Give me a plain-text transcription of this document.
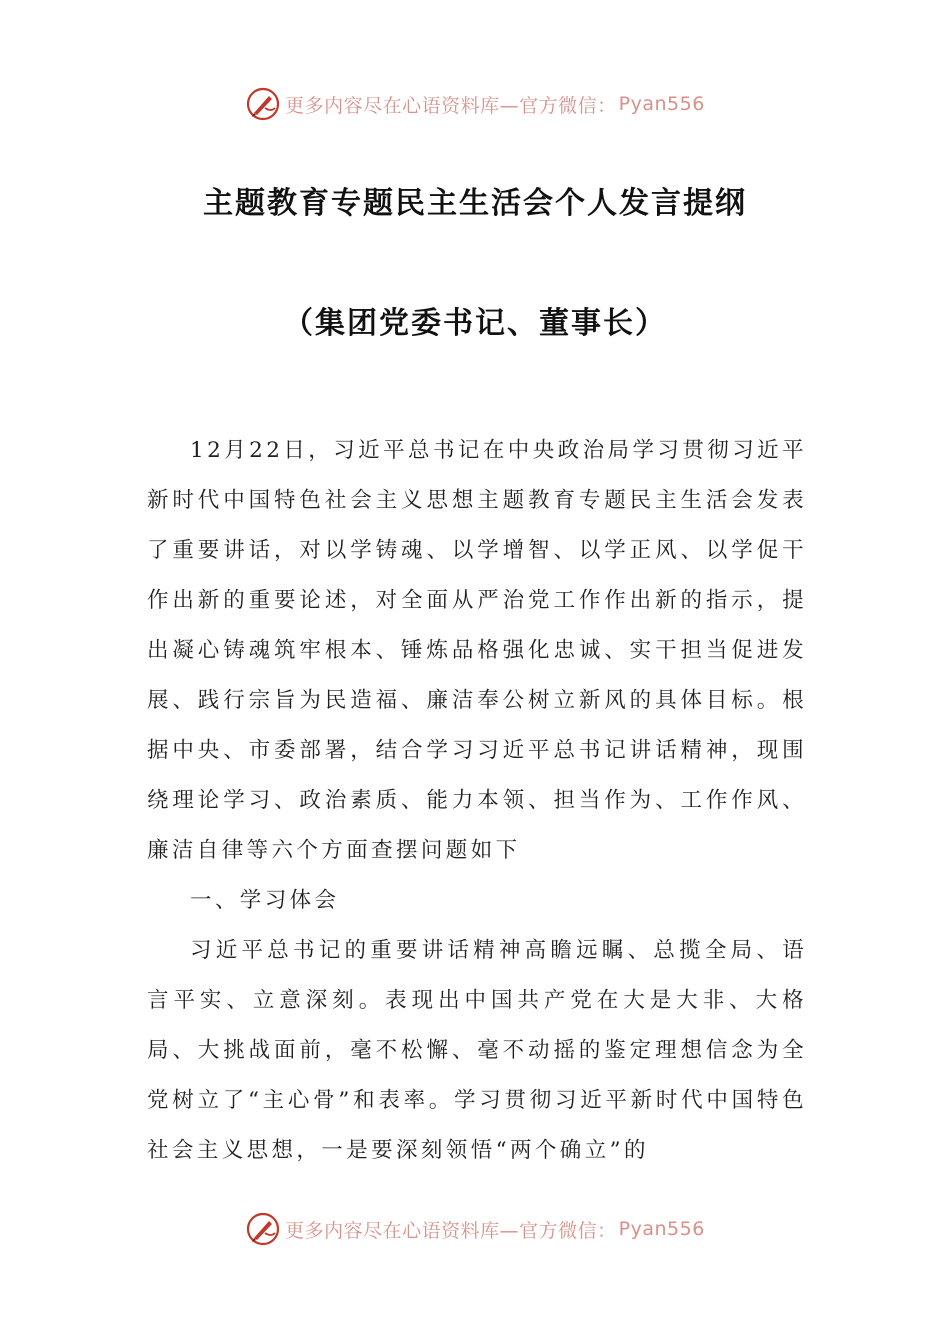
更多内容尽在心语资料库—官方微信： Pyan556
主题教育专题民主生活会个人发言提纲
（集团党委书记、董事长）

12月22日，习近平总书记在中央政治局学习贯彻习近平新时代中国特色社会主义思想主题教育专题民主生活会发表了重要讲话，对以学铸魂、以学增智、以学正风、以学促干作出新的重要论述，对全面从严治党工作作出新的指示，提出凝心铸魂筑牢根本、锤炼品格强化忠诚、实干担当促进发展、践行宗旨为民造福、廉洁奉公树立新风的具体目标。根据中央、市委部署，结合学习习近平总书记讲话精神，现围绕理论学习、政治素质、能力本领、担当作为、工作作风、廉洁自律等六个方面查摆问题如下

一、学习体会

习近平总书记的重要讲话精神高瞻远瞩、总揽全局、语言平实、立意深刻。表现出中国共产党在大是大非、大格局、大挑战面前，毫不松懈、毫不动摇的鉴定理想信念为全党树立了“主心骨”和表率。学习贯彻习近平新时代中国特色社会主义思想，一是要深刻领悟“两个确立”的

更多内容尽在心语资料库—官方微信： Pyan556
